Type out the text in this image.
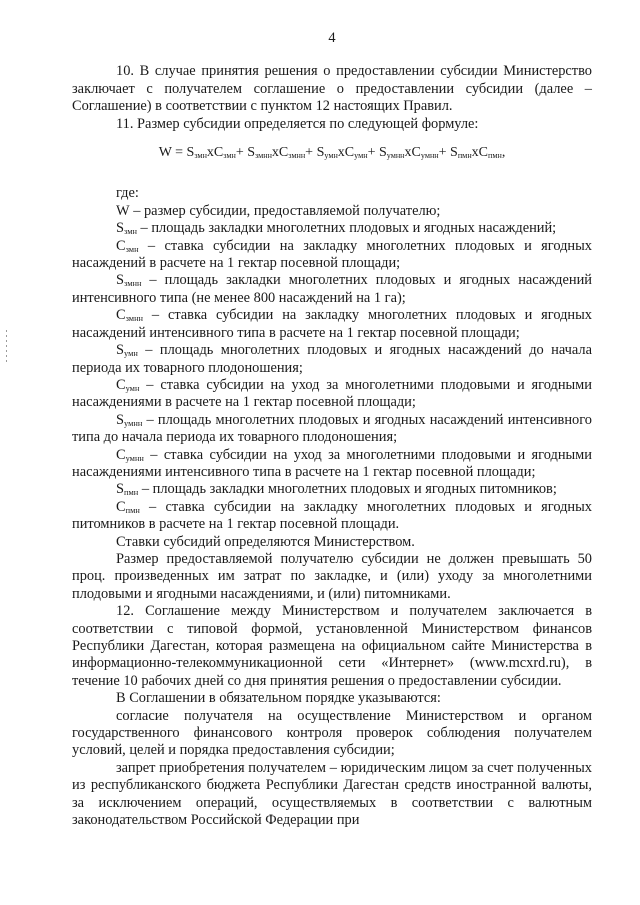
4

10. В случае принятия решения о предоставлении субсидии Министерство заключает с получателем соглашение о предоставлении субсидии (далее – Соглашение) в соответствии с пунктом 12 настоящих Правил.

11. Размер субсидии определяется по следующей формуле:

$W = S_{змн}хС_{змн}+ S_{змнн}хС_{змнн}+ S_{умн}хС_{умн}+ S_{умнн}хС_{умнн}+ S_{пмн}хС_{пмн}$,

где:

W – размер субсидии, предоставляемой получателю;

$S_{змн}$ – площадь закладки многолетних плодовых и ягодных насаждений;

$С_{змн}$ – ставка субсидии на закладку многолетних плодовых и ягодных насаждений в расчете на 1 гектар посевной площади;

$S_{змнн}$ – площадь закладки многолетних плодовых и ягодных насаждений интенсивного типа (не менее 800 насаждений на 1 га);

$С_{змнн}$ – ставка субсидии на закладку многолетних плодовых и ягодных насаждений интенсивного типа в расчете на 1 гектар посевной площади;

$S_{умн}$ – площадь многолетних плодовых и ягодных насаждений до начала периода их товарного плодоношения;

$С_{умн}$ – ставка субсидии на уход за многолетними плодовыми и ягодными насаждениями в расчете на 1 гектар посевной площади;

$S_{умнн}$ – площадь многолетних плодовых и ягодных насаждений интенсивного типа до начала периода их товарного плодоношения;

$С_{умнн}$ – ставка субсидии на уход за многолетними плодовыми и ягодными насаждениями интенсивного типа в расчете на 1 гектар посевной площади;

$S_{пмн}$ – площадь закладки многолетних плодовых и ягодных питомников;

$С_{пмн}$ – ставка субсидии на закладку многолетних плодовых и ягодных питомников в расчете на 1 гектар посевной площади.

Ставки субсидий определяются Министерством.

Размер предоставляемой получателю субсидии не должен превышать 50 проц. произведенных им затрат по закладке, и (или) уходу за многолетними плодовыми и ягодными насаждениями, и (или) питомниками.

12. Соглашение между Министерством и получателем заключается в соответствии с типовой формой, установленной Министерством финансов Республики Дагестан, которая размещена на официальном сайте Министерства в информационно-телекоммуникационной сети «Интернет» (www.mcxrd.ru), в течение 10 рабочих дней со дня принятия решения о предоставлении субсидии.

В Соглашении в обязательном порядке указываются:

согласие получателя на осуществление Министерством и органом государственного финансового контроля проверок соблюдения получателем условий, целей и порядка предоставления субсидии;

запрет приобретения получателем – юридическим лицом за счет полученных из республиканского бюджета Республики Дагестан средств иностранной валюты, за исключением операций, осуществляемых в соответствии с валютным законодательством Российской Федерации при
